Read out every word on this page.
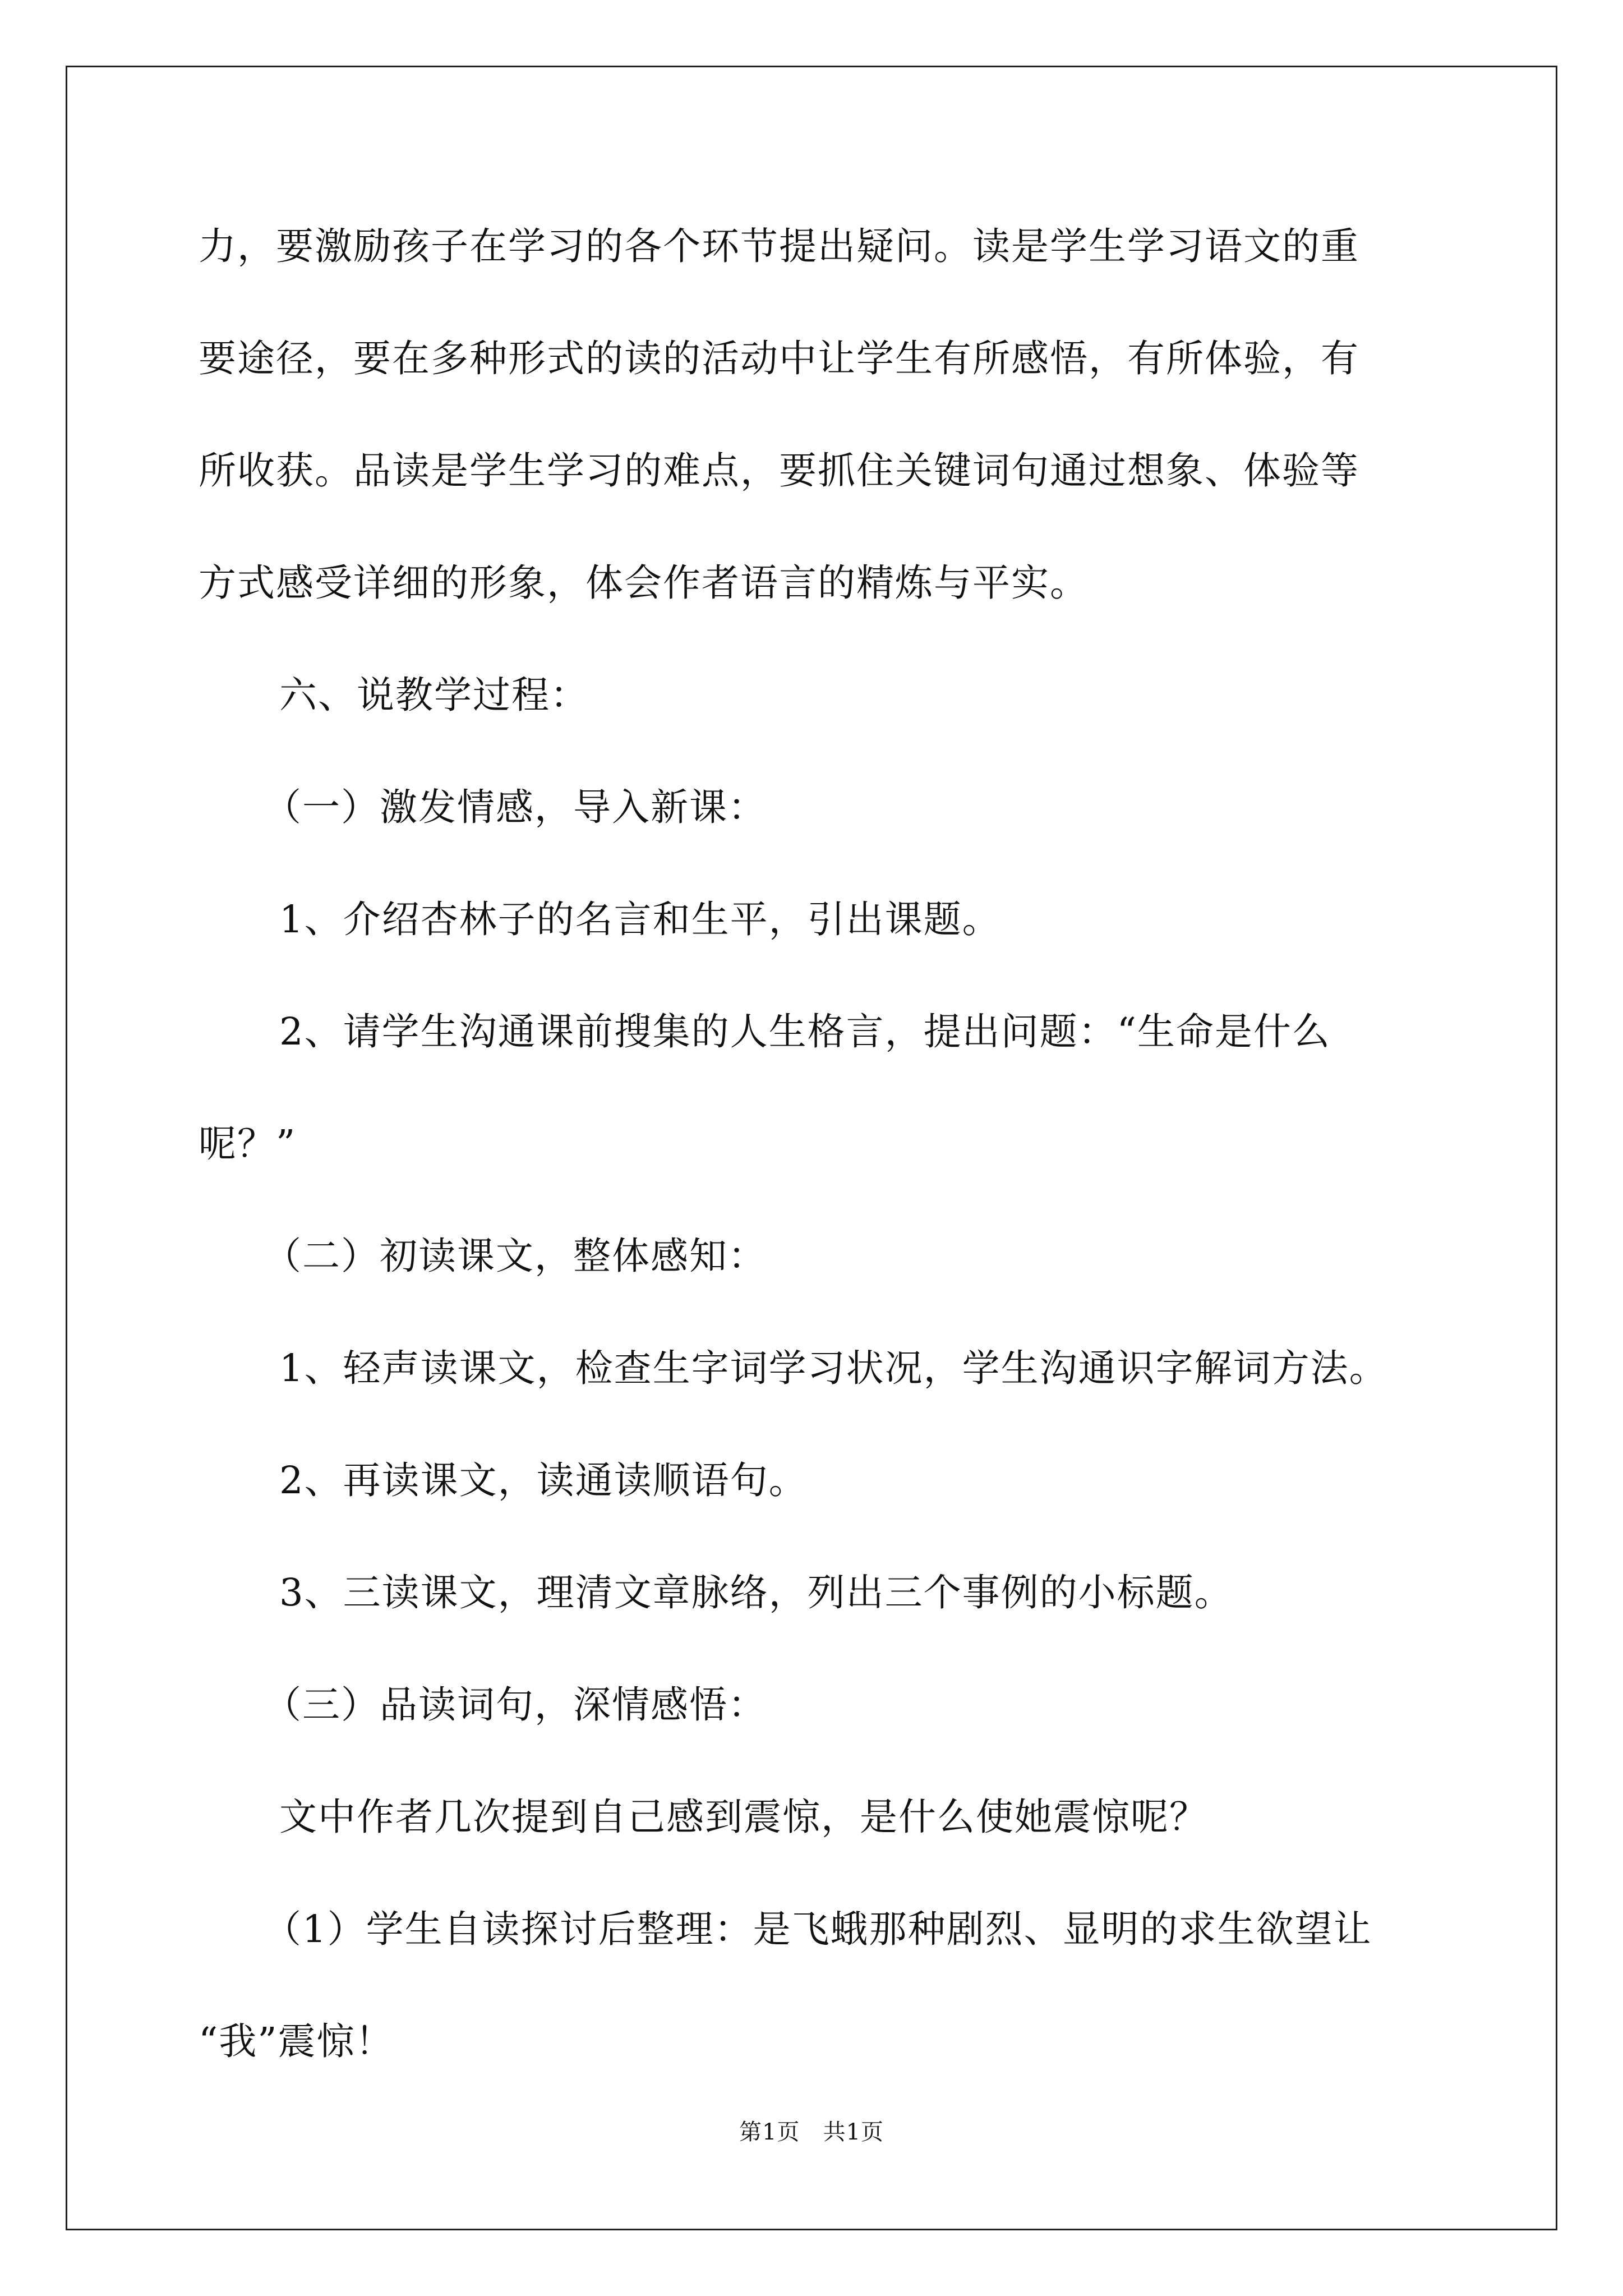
力，要激励孩子在学习的各个环节提出疑问。读是学生学习语文的重

要途径，要在多种形式的读的活动中让学生有所感悟，有所体验，有

所收获。品读是学生学习的难点，要抓住关键词句通过想象、体验等

方式感受详细的形象，体会作者语言的精炼与平实。

六、说教学过程：

（一）激发情感，导入新课：

1、介绍杏林子的名言和生平，引出课题。

2、请学生沟通课前搜集的人生格言，提出问题：“生命是什么

呢？”

（二）初读课文，整体感知：

1、轻声读课文，检查生字词学习状况，学生沟通识字解词方法。

2、再读课文，读通读顺语句。

3、三读课文，理清文章脉络，列出三个事例的小标题。

（三）品读词句，深情感悟：

文中作者几次提到自己感到震惊，是什么使她震惊呢？

（1）学生自读探讨后整理：是飞蛾那种剧烈、显明的求生欲望让

“我”震惊！

第1页 共1页
